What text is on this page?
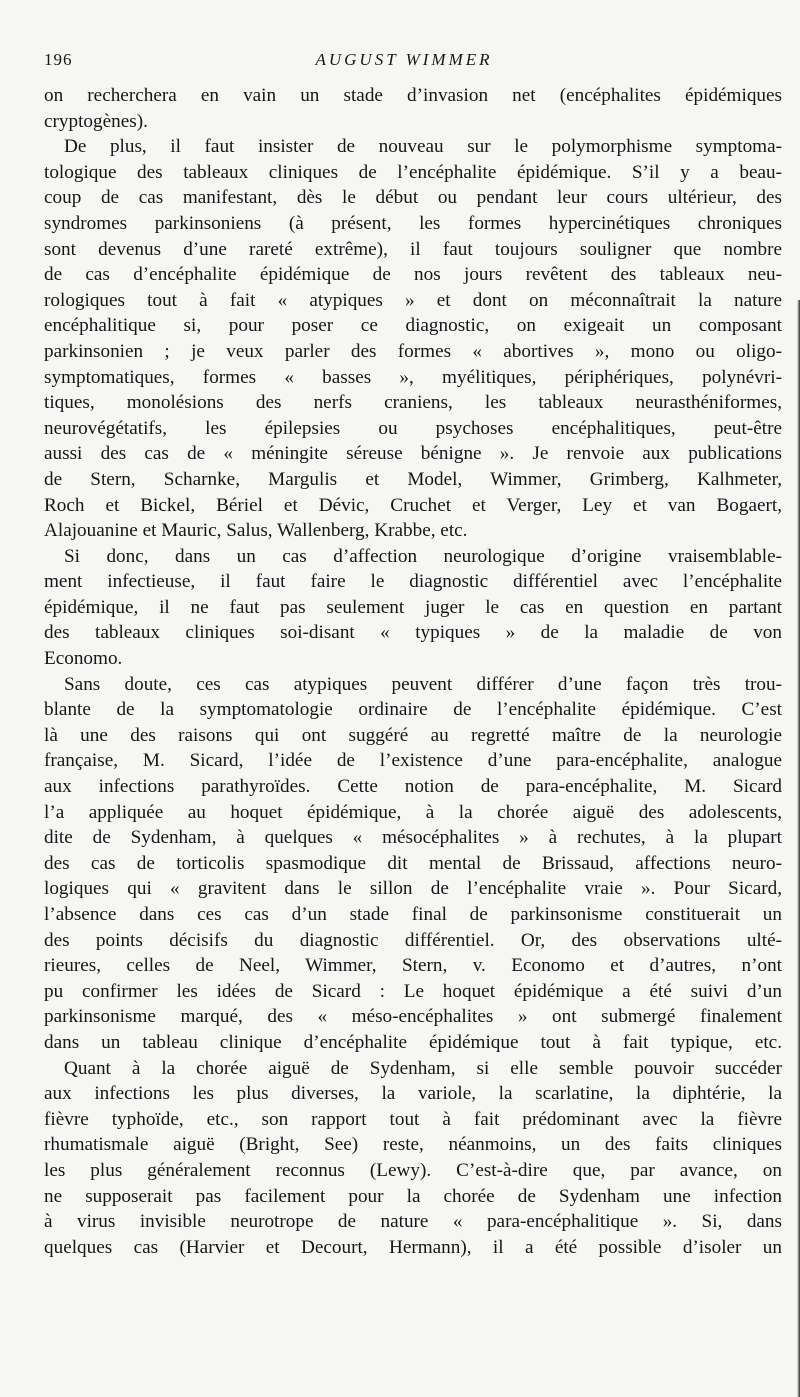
196	AUGUST WIMMER
on recherchera en vain un stade d’invasion net (encéphalites épidémiques
cryptogènes).
De plus, il faut insister de nouveau sur le polymorphisme symptoma-
tologique des tableaux cliniques de l’encéphalite épidémique. S’il y a beau-
coup de cas manifestant, dès le début ou pendant leur cours ultérieur, des
syndromes parkinsoniens (à présent, les formes hypercinétiques chroniques
sont devenus d’une rareté extrême), il faut toujours souligner que nombre
de cas d’encéphalite épidémique de nos jours revêtent des tableaux neu-
rologiques tout à fait « atypiques » et dont on méconnaîtrait la nature
encéphalitique si, pour poser ce diagnostic, on exigeait un composant
parkinsonien ; je veux parler des formes « abortives », mono ou oligo-
symptomatiques, formes « basses », myélitiques, périphériques, polynévri-
tiques, monolésions des nerfs craniens, les tableaux neurasthéniformes,
neurovégétatifs, les épilepsies ou psychoses encéphalitiques, peut-être
aussi des cas de « méningite séreuse bénigne ». Je renvoie aux publications
de Stern, Scharnke, Margulis et Model, Wimmer, Grimberg, Kalhmeter,
Roch et Bickel, Bériel et Dévic, Cruchet et Verger, Ley et van Bogaert,
Alajouanine et Mauric, Salus, Wallenberg, Krabbe, etc.
Si donc, dans un cas d’affection neurologique d’origine vraisemblable-
ment infectieuse, il faut faire le diagnostic différentiel avec l’encéphalite
épidémique, il ne faut pas seulement juger le cas en question en partant
des tableaux cliniques soi-disant « typiques » de la maladie de von
Economo.
Sans doute, ces cas atypiques peuvent différer d’une façon très trou-
blante de la symptomatologie ordinaire de l’encéphalite épidémique. C’est
là une des raisons qui ont suggéré au regretté maître de la neurologie
française, M. Sicard, l’idée de l’existence d’une para-encéphalite, analogue
aux infections parathyroïdes. Cette notion de para-encéphalite, M. Sicard
l’a appliquée au hoquet épidémique, à la chorée aiguë des adolescents,
dite de Sydenham, à quelques « mésocéphalites » à rechutes, à la plupart
des cas de torticolis spasmodique dit mental de Brissaud, affections neuro-
logiques qui « gravitent dans le sillon de l’encéphalite vraie ». Pour Sicard,
l’absence dans ces cas d’un stade final de parkinsonisme constituerait un
des points décisifs du diagnostic différentiel. Or, des observations ulté-
rieures, celles de Neel, Wimmer, Stern, v. Economo et d’autres, n’ont
pu confirmer les idées de Sicard : Le hoquet épidémique a été suivi d’un
parkinsonisme marqué, des « méso-encéphalites » ont submergé finalement
dans un tableau clinique d’encéphalite épidémique tout à fait typique, etc.
Quant à la chorée aiguë de Sydenham, si elle semble pouvoir succéder
aux infections les plus diverses, la variole, la scarlatine, la diphtérie, la
fièvre typhoïde, etc., son rapport tout à fait prédominant avec la fièvre
rhumatismale aiguë (Bright, See) reste, néanmoins, un des faits cliniques
les plus généralement reconnus (Lewy). C’est-à-dire que, par avance, on
ne supposerait pas facilement pour la chorée de Sydenham une infection
à virus invisible neurotrope de nature « para-encéphalitique ». Si, dans
quelques cas (Harvier et Decourt, Hermann), il a été possible d’isoler un
